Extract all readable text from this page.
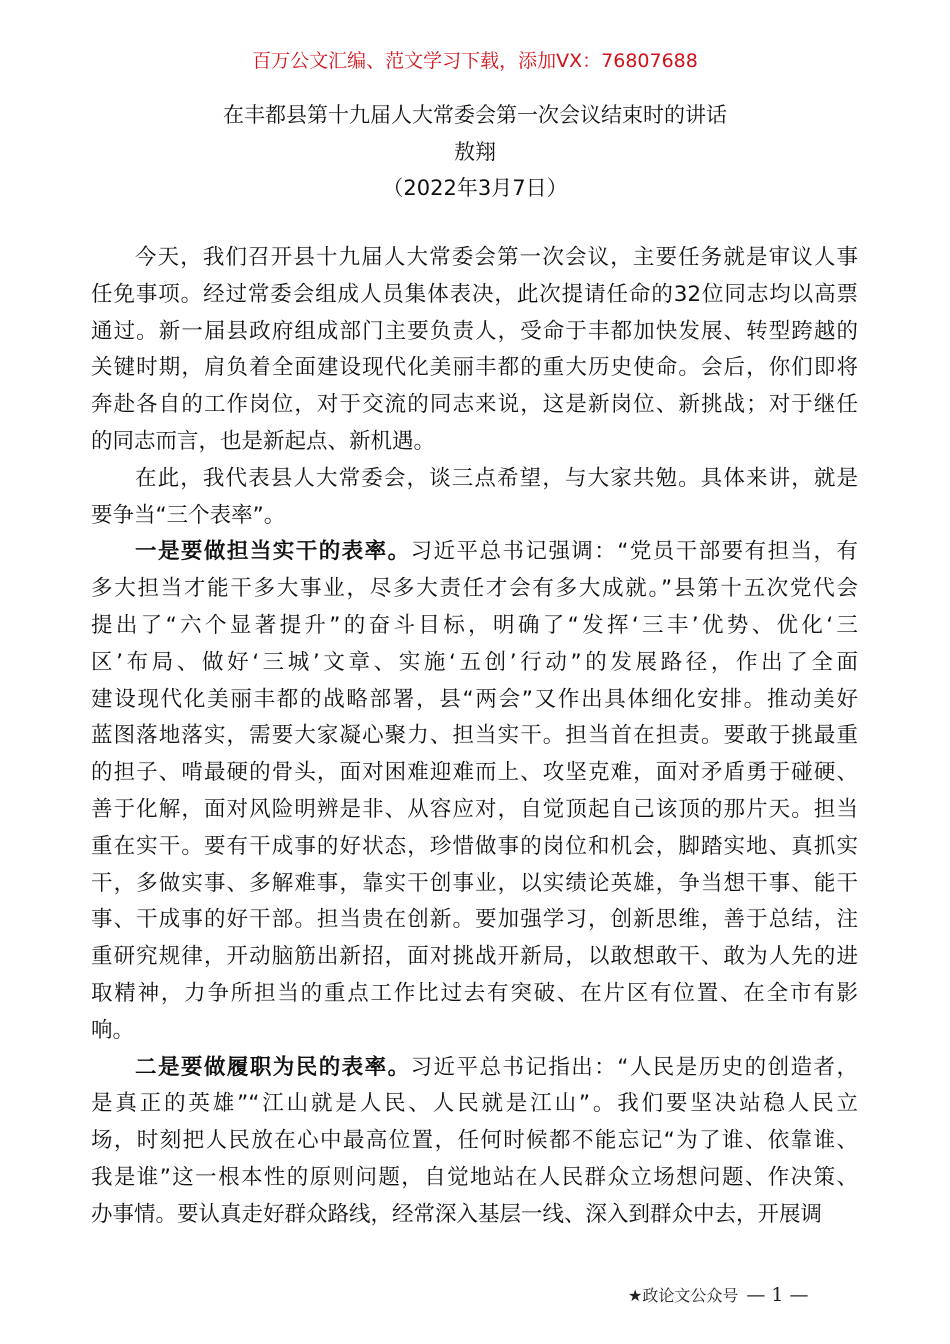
百万公文汇编、范文学习下载，添加VX：76807688
在丰都县第十九届人大常委会第一次会议结束时的讲话
敖翔
（2022年3月7日）
今天，我们召开县十九届人大常委会第一次会议，主要任务就是审议人事
任免事项。经过常委会组成人员集体表决，此次提请任命的32位同志均以高票
通过。新一届县政府组成部门主要负责人，受命于丰都加快发展、转型跨越的
关键时期，肩负着全面建设现代化美丽丰都的重大历史使命。会后，你们即将
奔赴各自的工作岗位，对于交流的同志来说，这是新岗位、新挑战；对于继任
的同志而言，也是新起点、新机遇。
在此，我代表县人大常委会，谈三点希望，与大家共勉。具体来讲，就是
要争当“三个表率”。
一是要做担当实干的表率。习近平总书记强调：“党员干部要有担当，有
多大担当才能干多大事业，尽多大责任才会有多大成就。”县第十五次党代会
提出了“六个显著提升”的奋斗目标，明确了“发挥‘三丰’优势、优化‘三
区’布局、做好‘三城’文章、实施‘五创’行动”的发展路径，作出了全面
建设现代化美丽丰都的战略部署，县“两会”又作出具体细化安排。推动美好
蓝图落地落实，需要大家凝心聚力、担当实干。担当首在担责。要敢于挑最重
的担子、啃最硬的骨头，面对困难迎难而上、攻坚克难，面对矛盾勇于碰硬、
善于化解，面对风险明辨是非、从容应对，自觉顶起自己该顶的那片天。担当
重在实干。要有干成事的好状态，珍惜做事的岗位和机会，脚踏实地、真抓实
干，多做实事、多解难事，靠实干创事业，以实绩论英雄，争当想干事、能干
事、干成事的好干部。担当贵在创新。要加强学习，创新思维，善于总结，注
重研究规律，开动脑筋出新招，面对挑战开新局，以敢想敢干、敢为人先的进
取精神，力争所担当的重点工作比过去有突破、在片区有位置、在全市有影
响。
二是要做履职为民的表率。习近平总书记指出：“人民是历史的创造者，
是真正的英雄”“江山就是人民、人民就是江山”。我们要坚决站稳人民立
场，时刻把人民放在心中最高位置，任何时候都不能忘记“为了谁、依靠谁、
我是谁”这一根本性的原则问题，自觉地站在人民群众立场想问题、作决策、
办事情。要认真走好群众路线，经常深入基层一线、深入到群众中去，开展调
★政论文公众号 — 1 —
